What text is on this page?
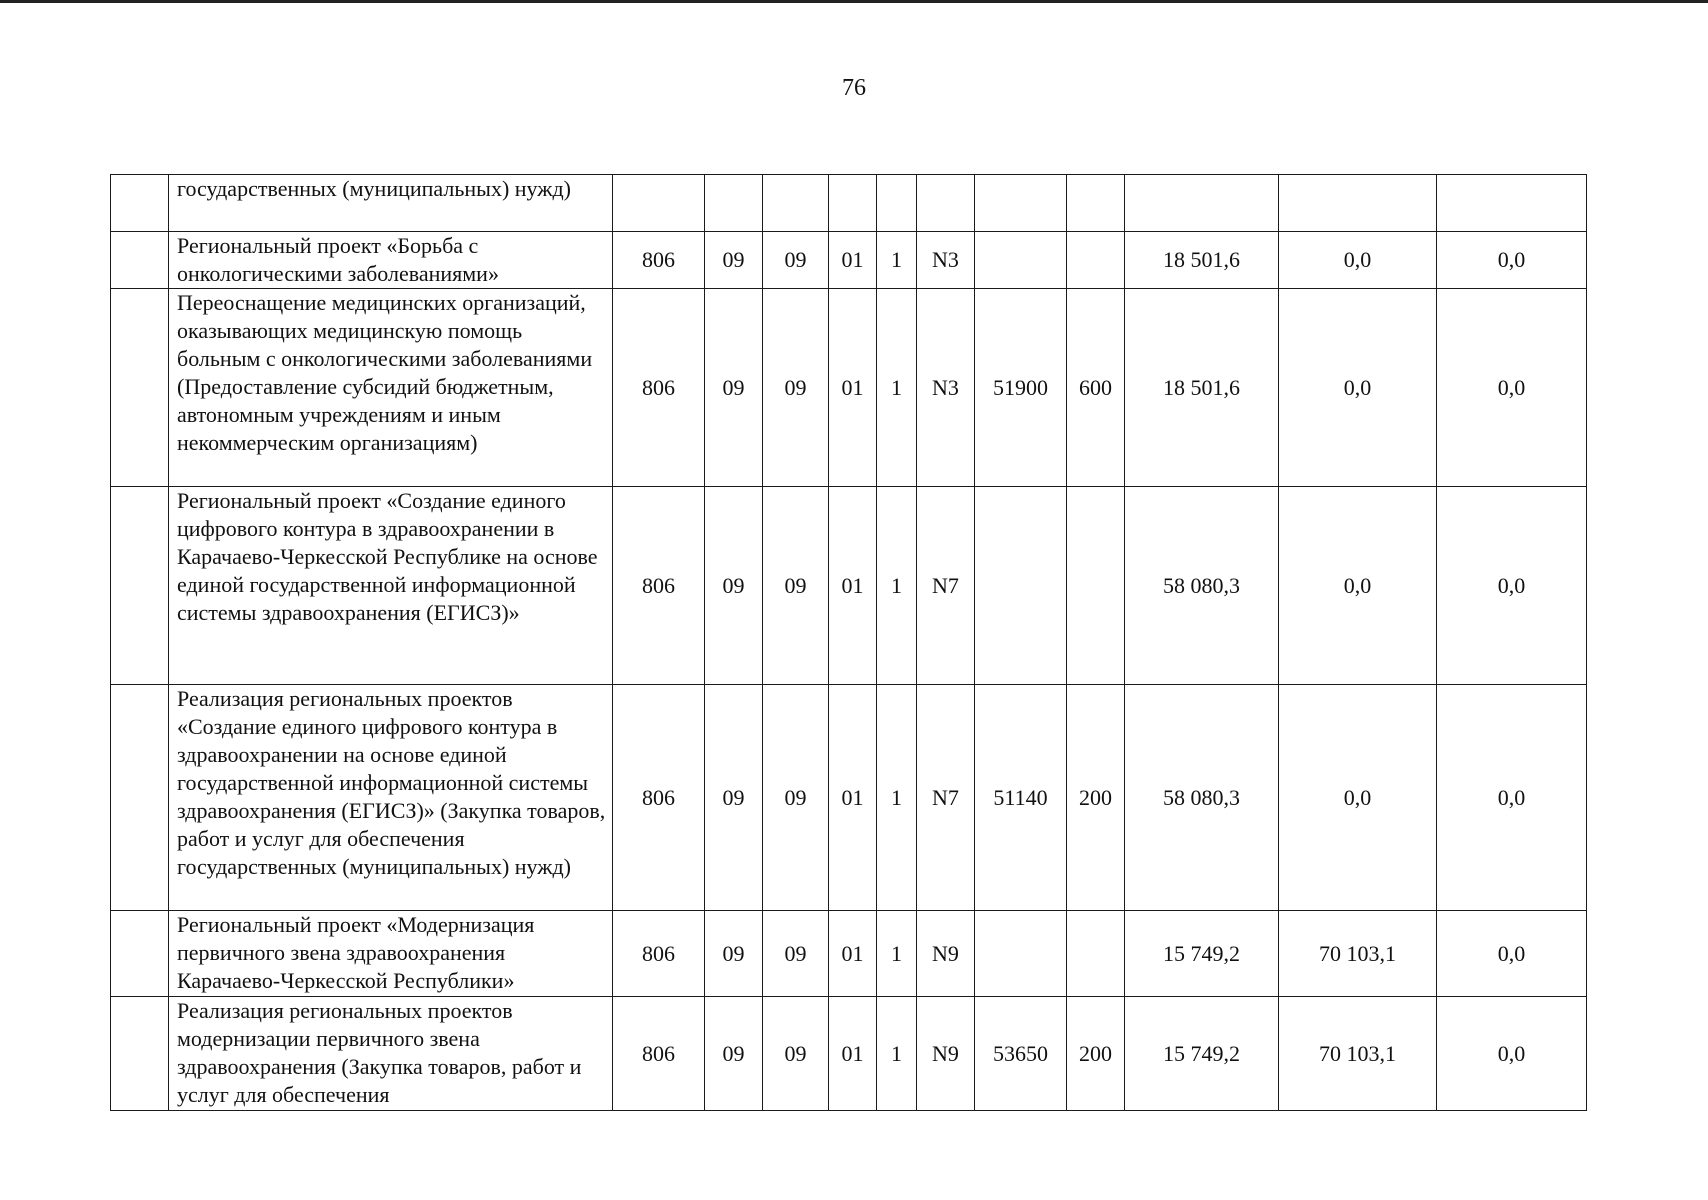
76
	государственных (муниципальных) нужд)											
	Региональный проект «Борьба с онкологическими заболеваниями»	806	09	09	01	1	N3			18 501,6	0,0	0,0
	Переоснащение медицинских организаций, оказывающих медицинскую помощь больным с онкологическими заболеваниями (Предоставление субсидий бюджетным, автономным учреждениям и иным некоммерческим организациям)	806	09	09	01	1	N3	51900	600	18 501,6	0,0	0,0
	Региональный проект «Создание единого цифрового контура в здравоохранении в Карачаево-Черкесской Республике на основе единой государственной информационной системы здравоохранения (ЕГИСЗ)»	806	09	09	01	1	N7			58 080,3	0,0	0,0
	Реализация региональных проектов «Создание единого цифрового контура в здравоохранении на основе единой государственной информационной системы здравоохранения (ЕГИСЗ)» (Закупка товаров, работ и услуг для обеспечения государственных (муниципальных) нужд)	806	09	09	01	1	N7	51140	200	58 080,3	0,0	0,0
	Региональный проект «Модернизация первичного звена здравоохранения Карачаево-Черкесской Республики»	806	09	09	01	1	N9			15 749,2	70 103,1	0,0
	Реализация региональных проектов модернизации первичного звена здравоохранения (Закупка товаров, работ и услуг для обеспечения	806	09	09	01	1	N9	53650	200	15 749,2	70 103,1	0,0
